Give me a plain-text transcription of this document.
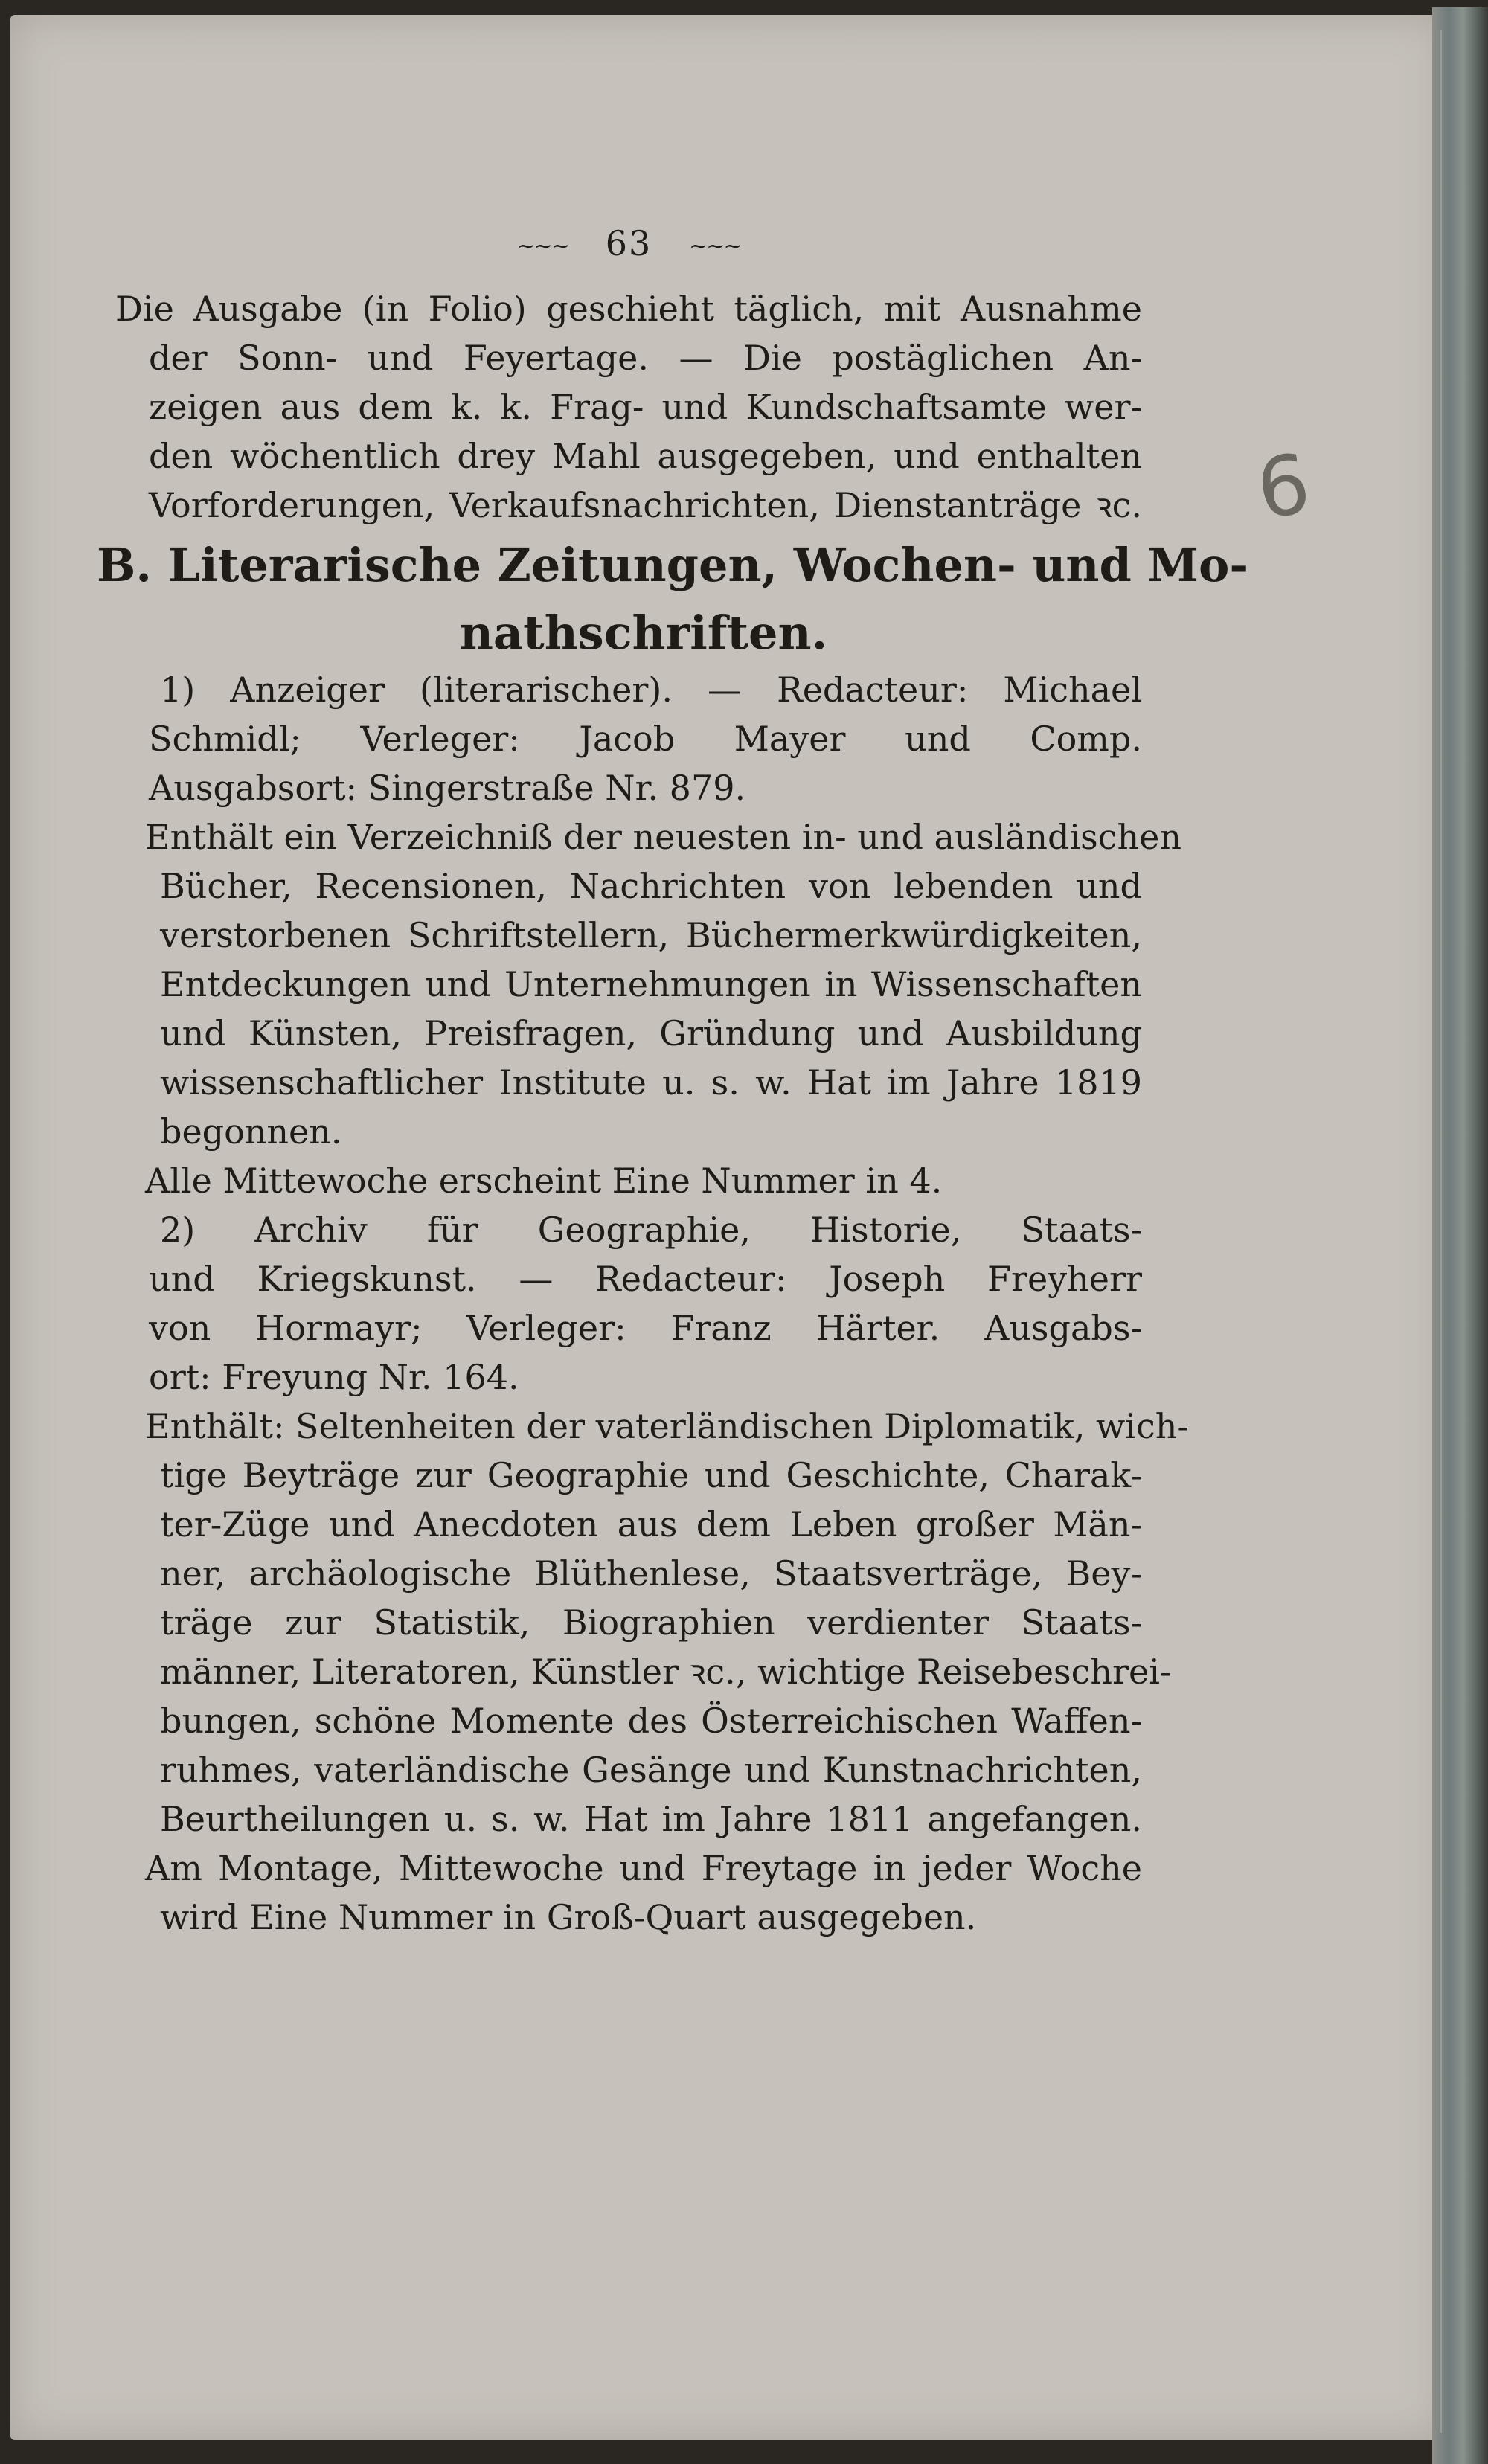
6
~~~ 63 ~~~
Die Ausgabe (in Folio) geschieht täglich, mit Ausnahme
der Sonn- und Feyertage. — Die postäglichen An-
zeigen aus dem k. k. Frag- und Kundschaftsamte wer-
den wöchentlich drey Mahl ausgegeben, und enthalten
Vorforderungen, Verkaufsnachrichten, Dienstanträge ꝛc.
B. Literarische Zeitungen, Wochen- und Mo-
nathschriften.
1) Anzeiger (literarischer). — Redacteur: Michael
Schmidl; Verleger: Jacob Mayer und Comp.
Ausgabsort: Singerstraße Nr. 879.
Enthält ein Verzeichniß der neuesten in- und ausländischen
Bücher, Recensionen, Nachrichten von lebenden und
verstorbenen Schriftstellern, Büchermerkwürdigkeiten,
Entdeckungen und Unternehmungen in Wissenschaften
und Künsten, Preisfragen, Gründung und Ausbildung
wissenschaftlicher Institute u. s. w. Hat im Jahre 1819
begonnen.
Alle Mittewoche erscheint Eine Nummer in 4.
2) Archiv für Geographie, Historie, Staats-
und Kriegskunst. — Redacteur: Joseph Freyherr
von Hormayr; Verleger: Franz Härter. Ausgabs-
ort: Freyung Nr. 164.
Enthält: Seltenheiten der vaterländischen Diplomatik, wich-
tige Beyträge zur Geographie und Geschichte, Charak-
ter-Züge und Anecdoten aus dem Leben großer Män-
ner, archäologische Blüthenlese, Staatsverträge, Bey-
träge zur Statistik, Biographien verdienter Staats-
männer, Literatoren, Künstler ꝛc., wichtige Reisebeschrei-
bungen, schöne Momente des Österreichischen Waffen-
ruhmes, vaterländische Gesänge und Kunstnachrichten,
Beurtheilungen u. s. w. Hat im Jahre 1811 angefangen.
Am Montage, Mittewoche und Freytage in jeder Woche
wird Eine Nummer in Groß-Quart ausgegeben.
